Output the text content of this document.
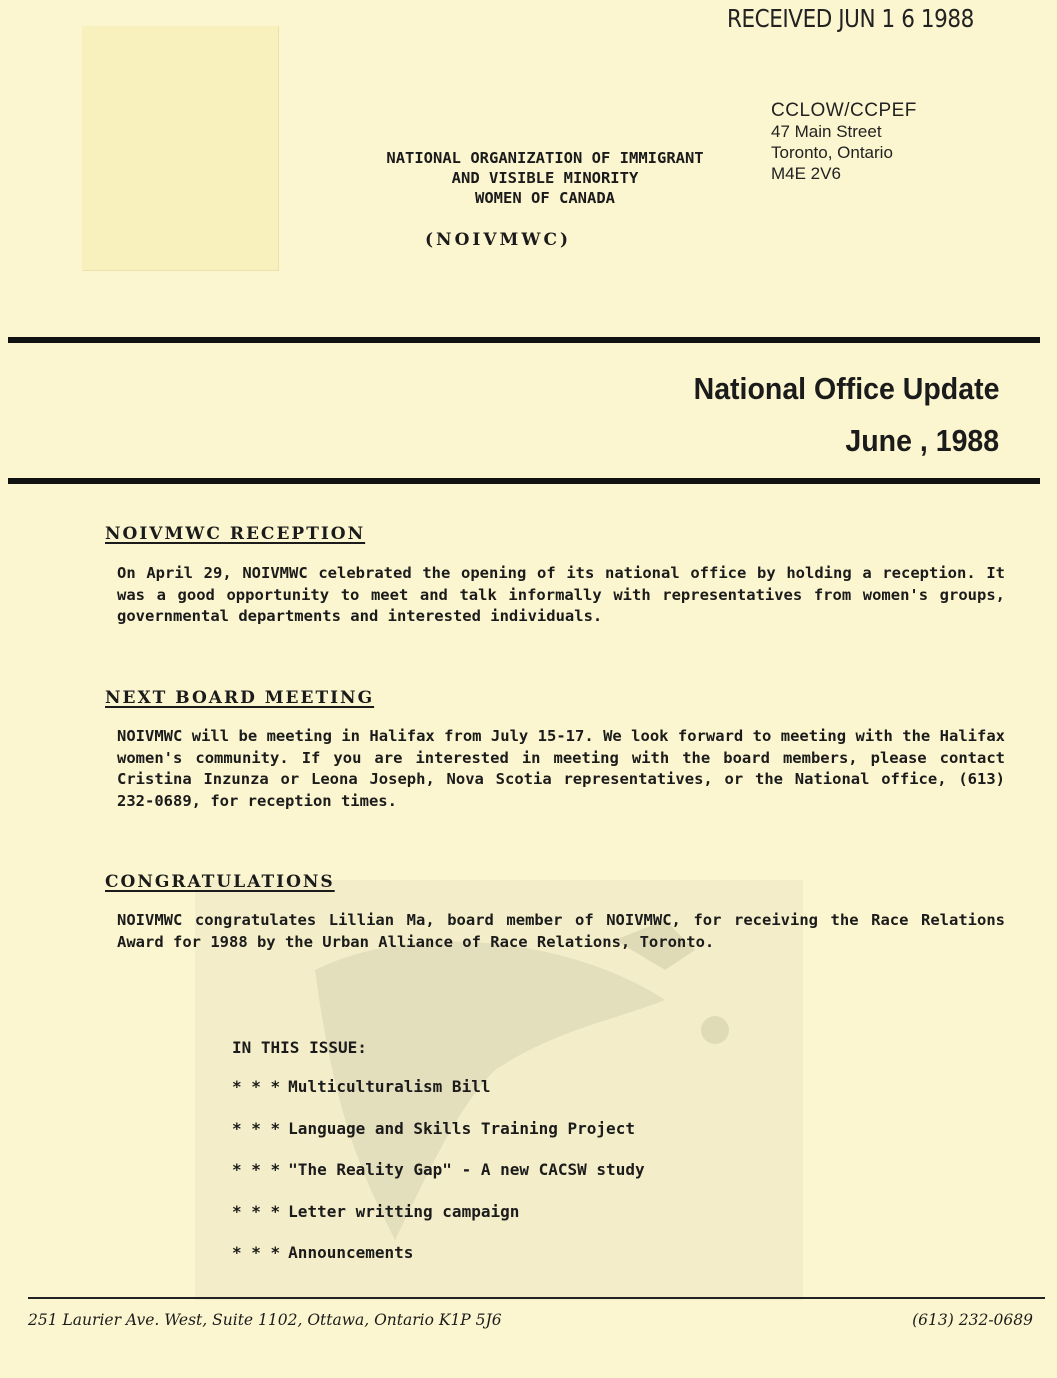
RECEIVED JUN 1 6 1988
CCLOW/CCPEF
47 Main Street
Toronto, Ontario
M4E 2V6
NATIONAL ORGANIZATION OF IMMIGRANT
AND VISIBLE MINORITY
WOMEN OF CANADA
(NOIVMWC)
National Office Update
June , 1988
NOIVMWC RECEPTION
On April 29, NOIVMWC celebrated the opening of its national office by holding a reception. It was a good opportunity to meet and talk informally with representatives from women's groups, governmental departments and interested individuals.
NEXT BOARD MEETING
NOIVMWC will be meeting in Halifax from July 15-17. We look forward to meeting with the Halifax women's community. If you are interested in meeting with the board members, please contact Cristina Inzunza or Leona Joseph, Nova Scotia representatives, or the National office, (613) 232-0689, for reception times.
CONGRATULATIONS
NOIVMWC congratulates Lillian Ma, board member of NOIVMWC, for receiving the Race Relations Award for 1988 by the Urban Alliance of Race Relations, Toronto.
IN THIS ISSUE:
* * * Multiculturalism Bill
* * * Language and Skills Training Project
* * * "The Reality Gap" - A new CACSW study
* * * Letter writting campaign
* * * Announcements
251 Laurier Ave. West, Suite 1102, Ottawa, Ontario K1P 5J6	(613) 232-0689
